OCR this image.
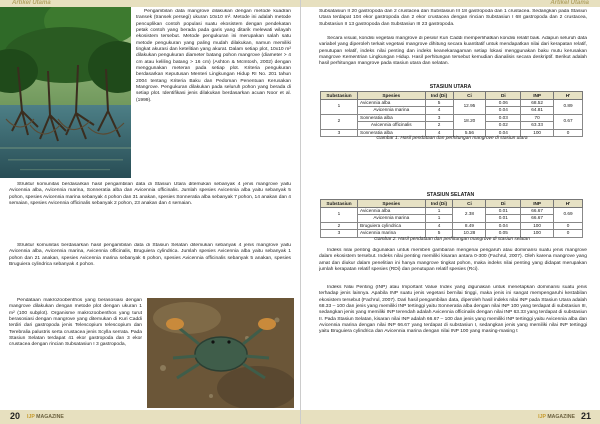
Artikel Utama
Pengambilan data mangrove dilakukan dengan metode kuadran transek (transek persegi) ukuran 10x10 m². Metode ini adalah metode pencuplikan contoh populasi suatu ekosistem dengan pendekatan petak contoh yang berada pada garis yang ditarik melewati wilayah ekosistem tersebut. Metode pengukuran ini merupakan salah satu metode pengukuran yang paling mudah dilakukan, namun memiliki tingkat akurasi dan ketelitian yang akurat. Dalam setiap plot, 10x10 m² dilakukan pengukuran diameter batang pohon mangrove (diameter > 4 cm atau keliling batang > 16 cm) (Ashton & McIntosh, 2002) dengan menggunakan meteran pada setiap plot. Kriteria pengukuran berdasarkan Keputusan Menteri Lingkungan Hidup RI No. 201 tahun 2004 tentang Kriteria Baku dan Pedoman Penentuan Kerusakan Mangrove. Pengukuran dilakukan pada seluruh pohon yang berada di setiap plot. Identifikasi jenis dilakukan berdasarkan acuan Noor et al. (1999).
Struktur komunitas berdasarkan hasil pengambilan data di Stasiun Utara ditemukan sebanyak 4 jenis mangrove yaitu Avicennia alba, Avicennia marina, Sonneratia alba dan Avicennia officinalis. Jumlah spesies Avicennia alba yaitu sebanyak 5 pohon, spesies Avicennia marina sebanyak 4 pohon dan 31 anakan, spesies Sonneratia alba sebanyak 7 pohon, 14 anakan dan 4 semaian, spesies Avicennia officinalis sebanyak 2 pohon, 23 anakan dan 4 semaian.
Struktur komunitas berdasarkan hasil pengambilan data di Stasiun Selatan ditemukan sebanyak 4 jenis mangrove yaitu Avicennia alba, Avicennia marina, Avicennia officinalis, Bruguiera cylindrica. Jumlah spesies Avicennia alba yaitu sebanyak 1 pohon dan 21 anakan, spesies Avicennia marina sebanyak 6 pohon, spesies Avicennia officinalis sebanyak 5 anakan, spesies Bruguiera cylindrica sebanyak 4 pohon.
Pendataan makrozoobenthos yang berasosiasi dengan mangrove dilakukan dengan metode plot dengan ukuran 1 m² (100 subplot). Organisme makrozoobenthos yang turut berasosiasi dengan mangrove yang ditemukan di Kuri Caddi terdiri dari gastropoda jenis Telescopium telescopium dan Terebralia palustris serta crustacea jenis Scylla serrata. Pada Stasiun Selatan terdapat 41 ekor gastropoda dan 3 ekor crustacea dengan rincian Subsatasiun I 3 gastropoda,
20 IJP MAGAZINE
Artikel Utama
Subsatasiun II 20 gastropoda dan 2 crustacea dan Substasiun III 18 gastropoda dan 1 crustacea. Sedangkan pada Stasiun Utara terdapat 104 ekor gastropoda dan 2 ekor crustacea dengan rincian Substasiun I 68 gastropoda dan 2 crustacea, Substasiun II 13 gastropoda dan Substasiun III 23 gastropoda.
Secara visual, kondisi vegetasi mangrove di pesisir Kuri Caddi memperlihatkan kondisi relatif baik. Adapun seluruh data variabel yang diperoleh terkait vegetasi mangrove dihitung secara kuantitatif untuk mendapatkan nilai dari kerapatan relatif, penutupan relatif, indeks nilai penting dan indeks keanekaragaman setiap lokasi menggunakan baku mutu kerusakan mangrove Kementrian Lingkungan Hidup. Hasil perhitungan tersebut kemudian dianalisis secara deskriptif. Berikut adalah hasil perhitungan mangrove pada stasiun utara dan selatan.
Indeks nilai penting digunakan untuk memberi gambaran mengenai pengaruh atau dominansi suatu jenis mangrove dalam ekosistem tersebut. Indeks nilai penting memiliki kisaran antara 0-300 (Fachrul, 2007). Oleh karena mangrove yang amat dan diukur dalam penelitian ini hanya mangrove tingkat pohon, maka indeks nilai penting yang didapat merupakan jumlah kerapatan relatif spesies (RDi) dan penutupan relatif spesies (Rci).
Indeks Nilai Penting (INP) atau Important Value Index yang digunakan untuk menetapkan dominansi suatu jenis terhadap jenis lainnya. Apabila INP suatu jenis vegetasi bernilai tinggi, maka jenis ini sangat mempengaruhi kestabilan ekosistem tersebut (Fachrul, 2007). Dari hasil pengambilan data, diperoleh hasil indeks nilai INP pada Stasiun Utara adalah 68.33 – 100 dan jenis yang memiliki INP tertinggi yaitu Sonneratia alba dengan nilai INP 100 yang terdapat di substasiun III, sedangkan jenis yang memiliki INP terendah adalah Avicennia officinalis dengan nilai INP 63.33 yang terdapat di substasiun II. Pada Stasiun Selatan, kisaran nilai INP adalah 66.67 – 100 dan jenis yang memiliki INP tertinggi yaitu Avicennia alba dan Avicennia marina dengan nilai INP 66.67 yang terdapat di substasiun I, sedangkan jenis yang memiliki nilai INP tertinggi yaitu Bruguiera cylindrica dan Avicennia marina dengan nilai INP 100 yang masing-masing t
IJP MAGAZINE 21
STASIUN UTARA
Substasiun	Spesies	Ind (Di)	Ci	Di	INP	H'
1	Avicennia alba	5	12.95	0.06	68.52	0.89
	Avicennia marina	4		0.04	64.81	
2	Sonneratia alba	3	18.20	0.03	70	0.67
	Avicennia officinalis	2		0.02	63.33	
3	Sonneratia alba	4	5.56	0.04	100	0
Gambar 1. Hasil pendataan dan perhitungan mangrove di stasiun utara
STASIUN SELATAN
Substasiun	Spesies	Ind (Di)	Ci	Di	INP	H'
1	Avicennia alba	1	2.38	0.01	66.67	0.69
	Avicennia marina	1		0.01	66.67	
2	Bruguiera cylindrica	4	8.49	0.04	100	0
3	Avicennia marina	5	10.28	0.05	100	0
Gambar 2. Hasil pendataan dan perhitungan mangrove di stasiun selatan
